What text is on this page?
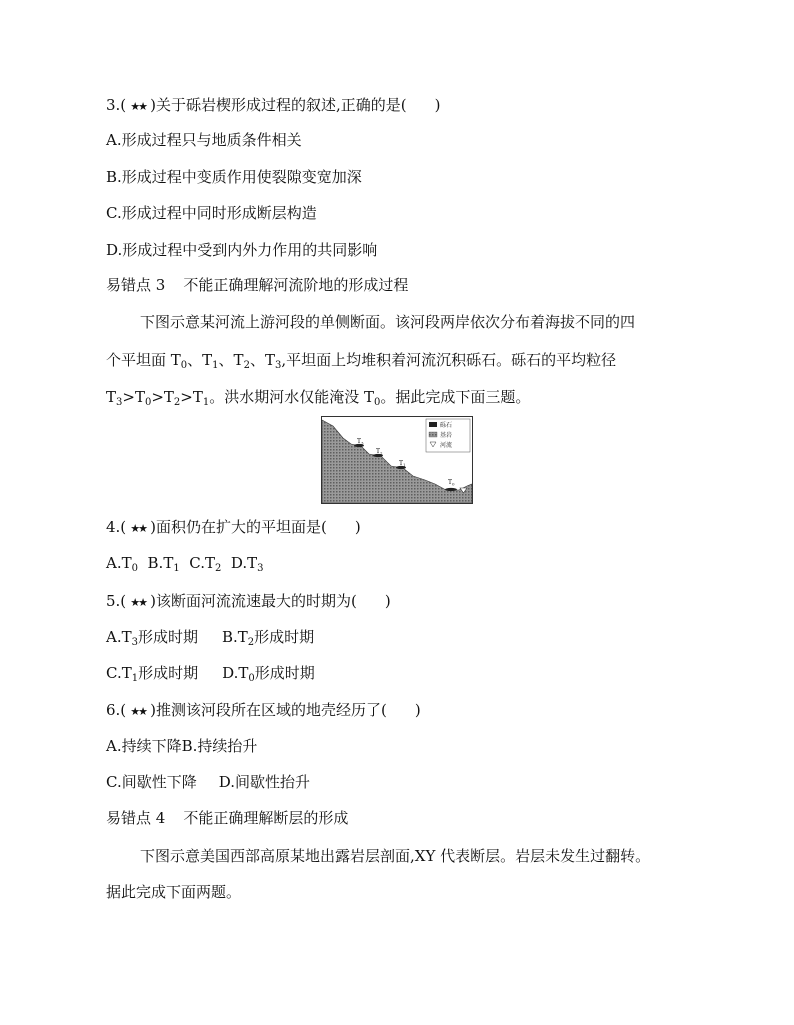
3.( ★★ )关于砾岩楔形成过程的叙述,正确的是( )
A.形成过程只与地质条件相关
B.形成过程中变质作用使裂隙变宽加深
C.形成过程中同时形成断层构造
D.形成过程中受到内外力作用的共同影响
易错点 3 不能正确理解河流阶地的形成过程
下图示意某河流上游河段的单侧断面。该河段两岸依次分布着海拔不同的四
个平坦面 $T_0$、$T_1$、$T_2$、$T_3$,平坦面上均堆积着河流沉积砾石。砾石的平均粒径
$T_3>T_0>T_2>T_1$。洪水期河水仅能淹没 $T_0$。据此完成下面三题。
$T_3$
$T_2$
$T_1$
$T_0$
砾石
基岩
河流
4.( ★★ )面积仍在扩大的平坦面是( )
$A.T_0$ $B.T_1$ $C.T_2$ $D.T_3$
5.( ★★ )该断面河流流速最大的时期为( )
$A.T_3$形成时期 $B.T_2$形成时期
$C.T_1$形成时期 $D.T_0$形成时期
6.( ★★ )推测该河段所在区域的地壳经历了( )
A.持续下降B.持续抬升
C.间歇性下降 D.间歇性抬升
易错点 4 不能正确理解断层的形成
下图示意美国西部高原某地出露岩层剖面,XY 代表断层。岩层未发生过翻转。
据此完成下面两题。
